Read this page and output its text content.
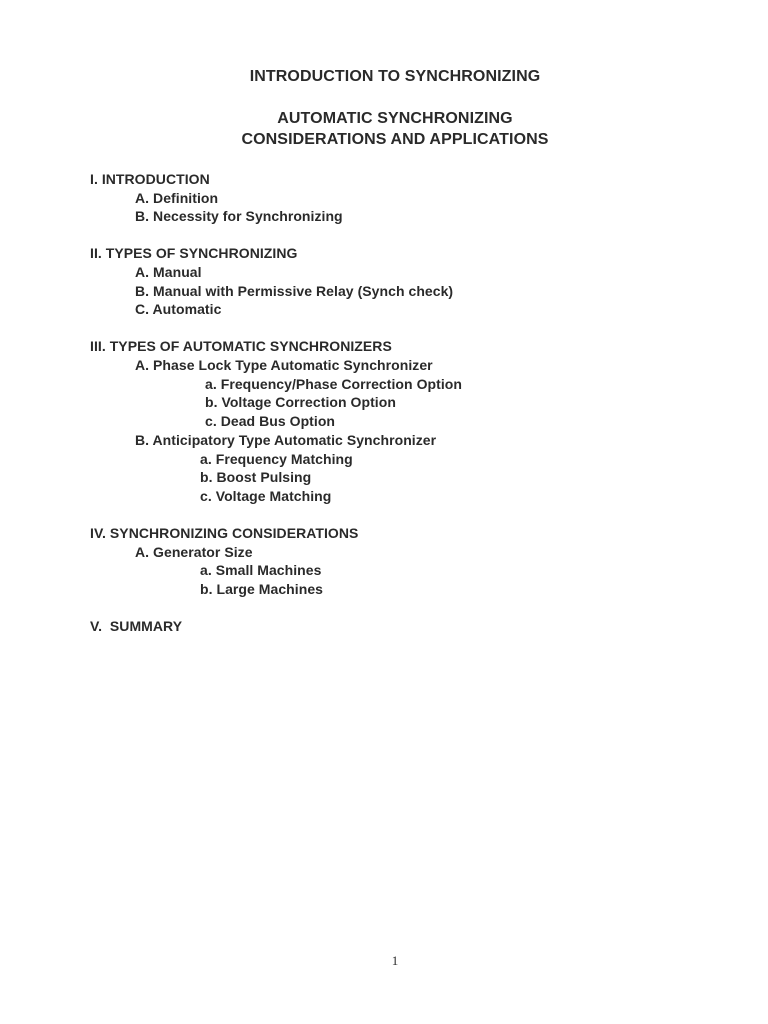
INTRODUCTION TO SYNCHRONIZING
AUTOMATIC SYNCHRONIZING
CONSIDERATIONS AND APPLICATIONS
I. INTRODUCTION
A. Definition
B. Necessity for Synchronizing
II. TYPES OF SYNCHRONIZING
A. Manual
B. Manual with Permissive Relay (Synch check)
C. Automatic
III. TYPES OF AUTOMATIC SYNCHRONIZERS
A. Phase Lock Type Automatic Synchronizer
a. Frequency/Phase Correction Option
b. Voltage Correction Option
c. Dead Bus Option
B. Anticipatory Type Automatic Synchronizer
a. Frequency Matching
b. Boost Pulsing
c. Voltage Matching
IV. SYNCHRONIZING CONSIDERATIONS
A. Generator Size
a. Small Machines
b. Large Machines
V.  SUMMARY
1
